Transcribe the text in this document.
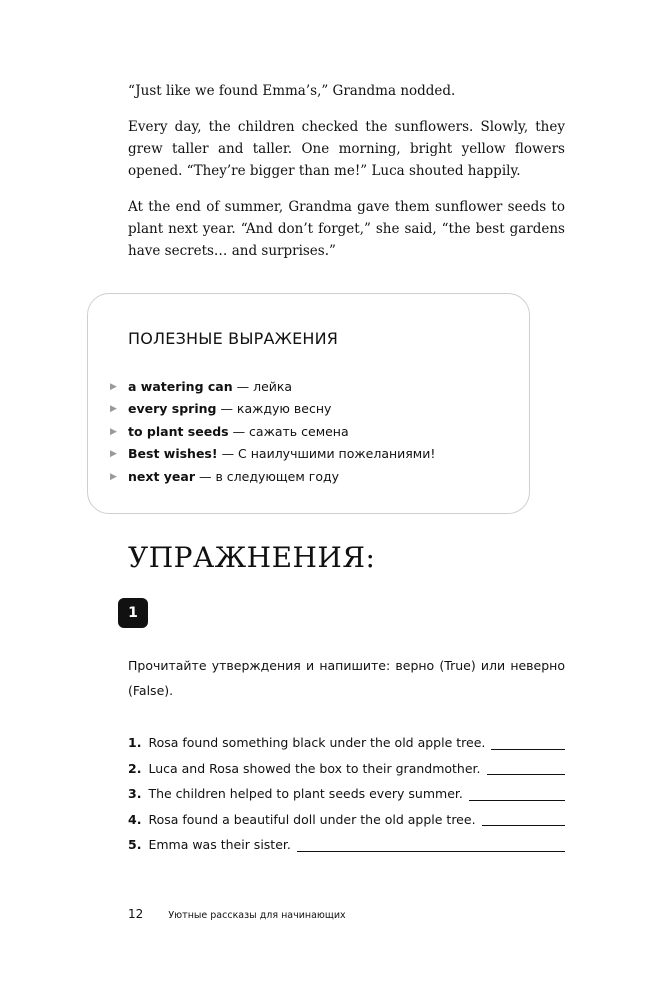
“Just like we found Emma’s,” Grandma nodded.

Every day, the children checked the sunflowers. Slowly, they grew taller and taller. One morning, bright yellow flowers opened. “They’re bigger than me!” Luca shouted happily.

At the end of summer, Grandma gave them sunflower seeds to plant next year. “And don’t forget,” she said, “the best gardens have secrets… and surprises.”

ПОЛЕЗНЫЕ ВЫРАЖЕНИЯ
▶ a watering can — лейка
▶ every spring — каждую весну
▶ to plant seeds — сажать семена
▶ Best wishes! — С наилучшими пожеланиями!
▶ next year — в следующем году
УПРАЖНЕНИЯ:
1
Прочитайте утверждения и напишите: верно (True) или неверно (False).
1. Rosa found something black under the old apple tree.
2. Luca and Rosa showed the box to their grandmother.
3. The children helped to plant seeds every summer.
4. Rosa found a beautiful doll under the old apple tree.
5. Emma was their sister.
12	Уютные рассказы для начинающих
